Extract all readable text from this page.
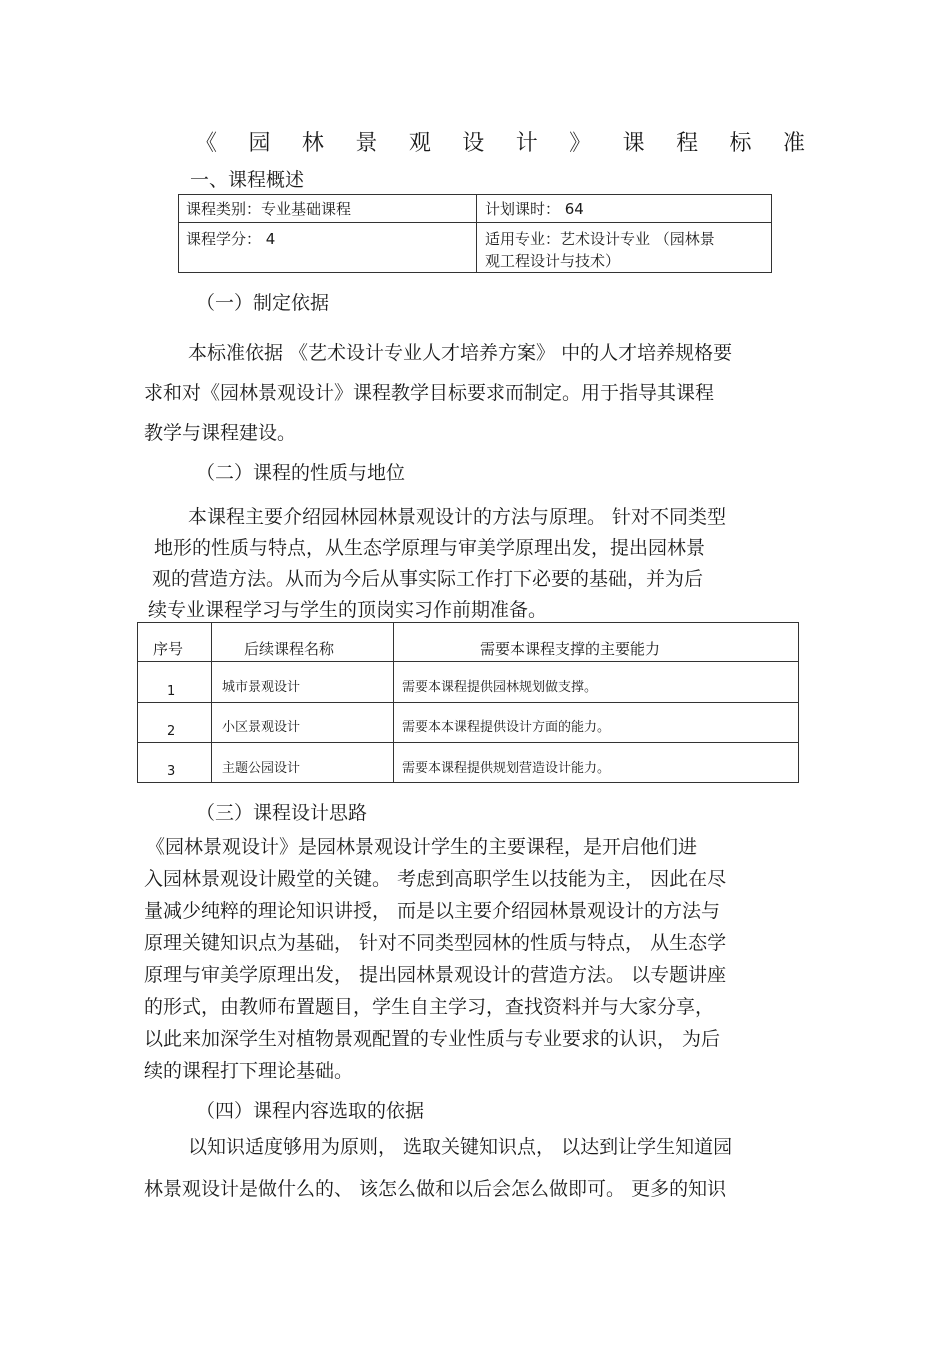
《 园 林 景 观 设 计 》 课 程 标 准
一、课程概述
课程类别：专业基础课程	计划课时： 64
课程学分： 4	适用专业：艺术设计专业 （园林景
观工程设计与技术）
（一）制定依据
本标准依据 《艺术设计专业人才培养方案》 中的人才培养规格要
求和对《园林景观设计》课程教学目标要求而制定。用于指导其课程
教学与课程建设。
（二）课程的性质与地位
本课程主要介绍园林园林景观设计的方法与原理。 针对不同类型
地形的性质与特点，从生态学原理与审美学原理出发，提出园林景
观的营造方法。从而为今后从事实际工作打下必要的基础，并为后
续专业课程学习与学生的顶岗实习作前期准备。
序号	后续课程名称	需要本课程支撑的主要能力
1	城市景观设计	需要本课程提供园林规划做支撑。
2	小区景观设计	需要本本课程提供设计方面的能力。
3	主题公园设计	需要本课程提供规划营造设计能力。
（三）课程设计思路
《园林景观设计》是园林景观设计学生的主要课程，是开启他们进
入园林景观设计殿堂的关键。 考虑到高职学生以技能为主， 因此在尽
量减少纯粹的理论知识讲授， 而是以主要介绍园林景观设计的方法与
原理关键知识点为基础， 针对不同类型园林的性质与特点， 从生态学
原理与审美学原理出发， 提出园林景观设计的营造方法。 以专题讲座
的形式，由教师布置题目，学生自主学习，查找资料并与大家分享，
以此来加深学生对植物景观配置的专业性质与专业要求的认识， 为后
续的课程打下理论基础。
（四）课程内容选取的依据
以知识适度够用为原则， 选取关键知识点， 以达到让学生知道园
林景观设计是做什么的、 该怎么做和以后会怎么做即可。 更多的知识
